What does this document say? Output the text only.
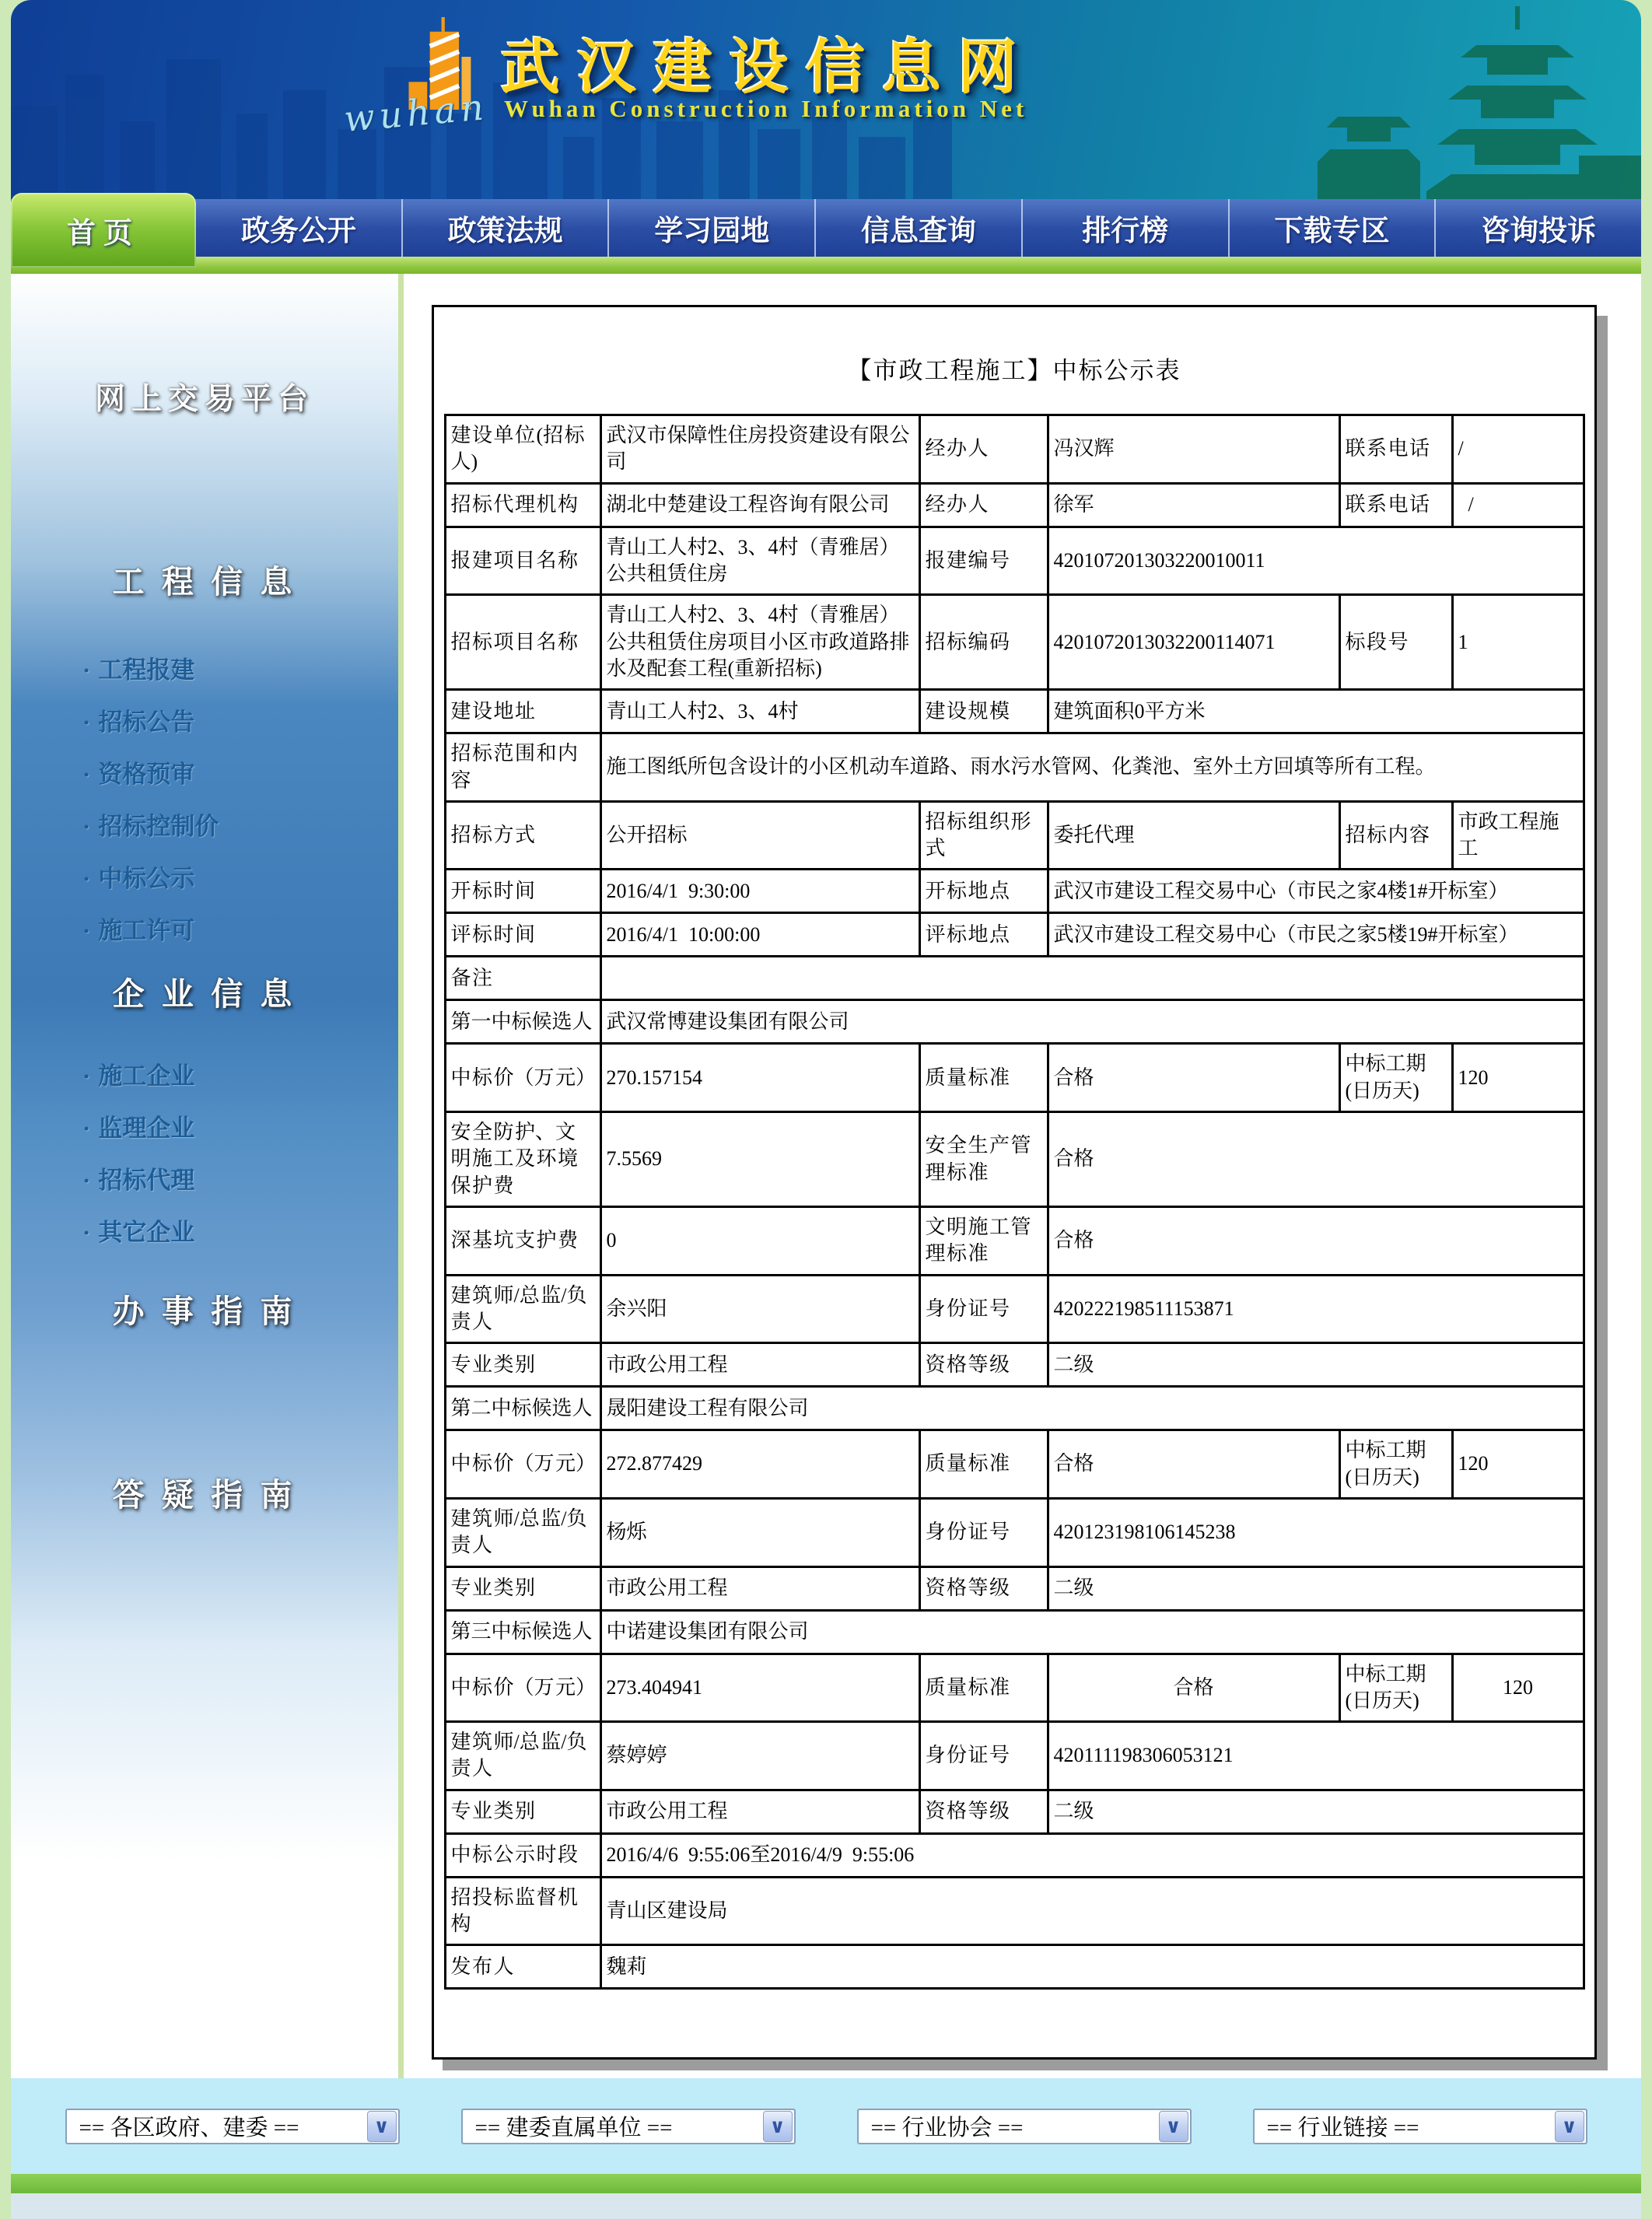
wuhan
武汉建设信息网
Wuhan Construction Information Net
首页	政务公开	政策法规	学习园地	信息查询	排行榜	下载专区	咨询投诉
网上交易平台
工 程 信 息
· 工程报建
· 招标公告
· 资格预审
· 招标控制价
· 中标公示
· 施工许可
企 业 信 息
· 施工企业
· 监理企业
· 招标代理
· 其它企业
办 事 指 南
答 疑 指 南
【市政工程施工】中标公示表
建 设 单 位 (招 标 人)	武汉市保障性住房投资建设有限公司	经 办 人	冯汉辉	联 系 电 话	/
招 标 代 理 机 构	湖北中楚建设工程咨询有限公司	经 办 人	徐军	联 系 电 话	/
报 建 项 目 名 称	青山工人村2、3、4村（青雅居）公共租赁住房	报 建 编 号	420107201303220010011		
招 标 项 目 名 称	青山工人村2、3、4村（青雅居）公共租赁住房项目小区市政道路排水及配套工程(重新招标)	招 标 编 码	4201072013032200114071	标 段 号	1
建 设 地 址	青山工人村2、3、4村	建 设 规 模	建筑面积0平方米		
招 标 范 围 和 内 容	施工图纸所包含设计的小区机动车道路、雨水污水管网、化粪池、室外土方回填等所有工程。				
招 标 方 式	公开招标	招 标 组 织 形 式	委托代理	招 标 内 容	市政工程施工
开 标 时 间	2016/4/1  9:30:00	开 标 地 点	武汉市建设工程交易中心（市民之家4楼1#开标室）		
评 标 时 间	2016/4/1  10:00:00	评 标 地 点	武汉市建设工程交易中心（市民之家5楼19#开标室）		
备 注					
第一中标候选人	武汉常博建设集团有限公司				
中 标 价（万 元）	270.157154	质 量 标 准	合格	中标工期(日历天)	120
安 全 防 护、文 明 施 工 及 环 境 保 护 费	7.5569	安 全 生 产 管 理 标 准	合格		
深 基 坑 支 护 费	0	文 明 施 工 管 理 标 准	合格		
建 筑 师/总 监/负 责 人	余兴阳	身 份 证 号	420222198511153871		
专 业 类 别	市政公用工程	资 格 等 级	二级		
第二中标候选人	晟阳建设工程有限公司				
中 标 价（万 元）	272.877429	质 量 标 准	合格	中标工期(日历天)	120
建 筑 师/总 监/负 责 人	杨烁	身 份 证 号	420123198106145238		
专 业 类 别	市政公用工程	资 格 等 级	二级		
第三中标候选人	中诺建设集团有限公司				
中 标 价（万 元）	273.404941	质 量 标 准	合格	中标工期(日历天)	120
建 筑 师/总 监/负 责 人	蔡婷婷	身 份 证 号	420111198306053121		
专 业 类 别	市政公用工程	资 格 等 级	二级		
中 标 公 示 时 段	2016/4/6  9:55:06至2016/4/9  9:55:06				
招 投 标 监 督 机 构	青山区建设局				
发 布 人	魏莉				
== 各区政府、建委 ==	∨	== 建委直属单位 ==	∨	== 行业协会 ==	∨	== 行业链接 ==	∨
